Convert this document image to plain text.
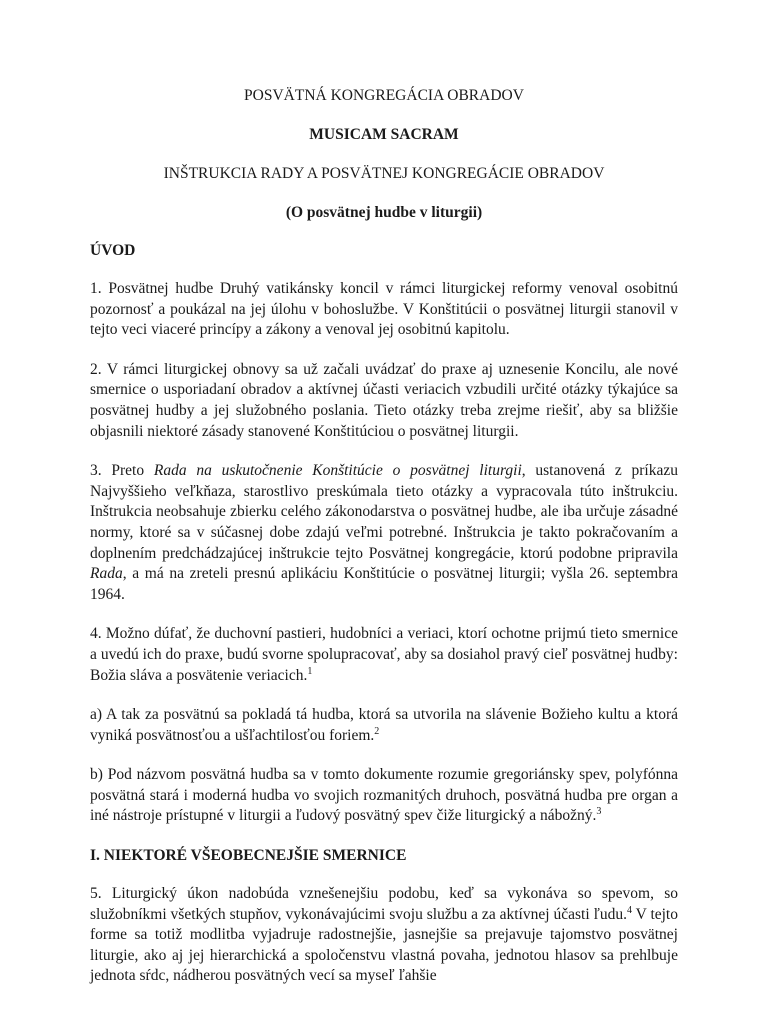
POSVÄTNÁ KONGREGÁCIA OBRADOV

MUSICAM SACRAM

INŠTRUKCIA RADY A POSVÄTNEJ KONGREGÁCIE OBRADOV

(O posvätnej hudbe v liturgii)

ÚVOD

1. Posvätnej hudbe Druhý vatikánsky koncil v rámci liturgickej reformy venoval osobitnú pozornosť a poukázal na jej úlohu v bohoslužbe. V Konštitúcii o posvätnej liturgii stanovil v tejto veci viaceré princípy a zákony a venoval jej osobitnú kapitolu.

2. V rámci liturgickej obnovy sa už začali uvádzať do praxe aj uznesenie Koncilu, ale nové smernice o usporiadaní obradov a aktívnej účasti veriacich vzbudili určité otázky týkajúce sa posvätnej hudby a jej služobného poslania. Tieto otázky treba zrejme riešiť, aby sa bližšie objasnili niektoré zásady stanovené Konštitúciou o posvätnej liturgii.

3. Preto Rada na uskutočnenie Konštitúcie o posvätnej liturgii, ustanovená z príkazu Najvyššieho veľkňaza, starostlivo preskúmala tieto otázky a vypracovala túto inštrukciu. Inštrukcia neobsahuje zbierku celého zákonodarstva o posvätnej hudbe, ale iba určuje zásadné normy, ktoré sa v súčasnej dobe zdajú veľmi potrebné. Inštrukcia je takto pokračovaním a doplnením predchádzajúcej inštrukcie tejto Posvätnej kongregácie, ktorú podobne pripravila Rada, a má na zreteli presnú aplikáciu Konštitúcie o posvätnej liturgii; vyšla 26. septembra 1964.

4. Možno dúfať, že duchovní pastieri, hudobníci a veriaci, ktorí ochotne prijmú tieto smernice a uvedú ich do praxe, budú svorne spolupracovať, aby sa dosiahol pravý cieľ posvätnej hudby: Božia sláva a posvätenie veriacich.$^1$

a) A tak za posvätnú sa pokladá tá hudba, ktorá sa utvorila na slávenie Božieho kultu a ktorá vyniká posvätnosťou a ušľachtilosťou foriem.$^2$

b) Pod názvom posvätná hudba sa v tomto dokumente rozumie gregoriánsky spev, polyfónna posvätná stará i moderná hudba vo svojich rozmanitých druhoch, posvätná hudba pre organ a iné nástroje prístupné v liturgii a ľudový posvätný spev čiže liturgický a nábožný.$^3$

I. NIEKTORÉ VŠEOBECNEJŠIE SMERNICE

5. Liturgický úkon nadobúda vznešenejšiu podobu, keď sa vykonáva so spevom, so služobníkmi všetkých stupňov, vykonávajúcimi svoju službu a za aktívnej účasti ľudu.$^4$ V tejto forme sa totiž modlitba vyjadruje radostnejšie, jasnejšie sa prejavuje tajomstvo posvätnej liturgie, ako aj jej hierarchická a spoločenstvu vlastná povaha, jednotou hlasov sa prehlbuje jednota sŕdc, nádherou posvätných vecí sa myseľ ľahšie
